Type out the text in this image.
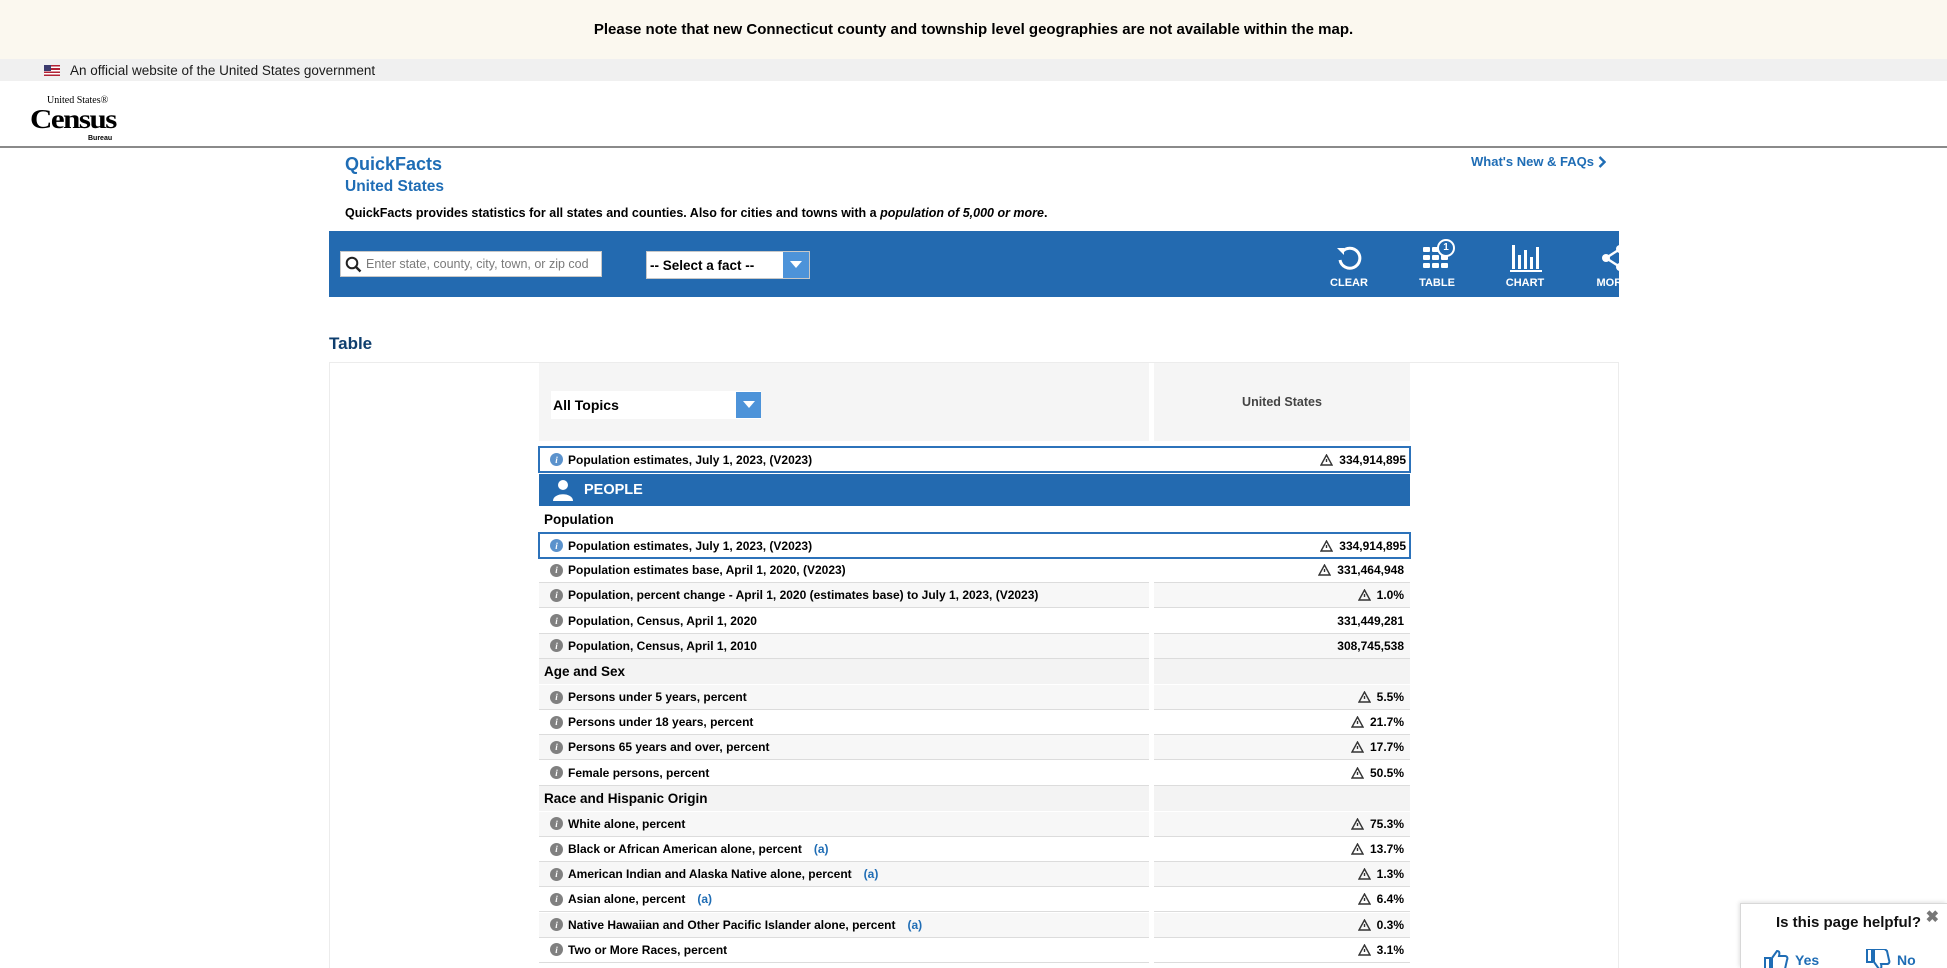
Please note that new Connecticut county and township level geographies are not available within the map.
An official website of the United States government
United States®
Census
Bureau
QuickFacts
United States
QuickFacts provides statistics for all states and counties. Also for cities and towns with a population of 5,000 or more.
What's New & FAQs
Enter state, county, city, town, or zip code
-- Select a fact --
CLEAR
1
TABLE	CHART	MORE
Table
All Topics	United States
i Population estimates, July 1, 2023, (V2023)	334,914,895
PEOPLE
Population
i Population estimates, July 1, 2023, (V2023)	334,914,895
i Population estimates base, April 1, 2020, (V2023)	331,464,948
i Population, percent change - April 1, 2020 (estimates base) to July 1, 2023, (V2023)	1.0%
i Population, Census, April 1, 2020	331,449,281
i Population, Census, April 1, 2010	308,745,538
Age and Sex
i Persons under 5 years, percent	5.5%
i Persons under 18 years, percent	21.7%
i Persons 65 years and over, percent	17.7%
i Female persons, percent	50.5%
Race and Hispanic Origin
i White alone, percent	75.3%
i Black or African American alone, percent (a)	13.7%
i American Indian and Alaska Native alone, percent (a)	1.3%
i Asian alone, percent (a)	6.4%
i Native Hawaiian and Other Pacific Islander alone, percent (a)	0.3%
i Two or More Races, percent	3.1%
Is this page helpful? ✖
Yes	No
